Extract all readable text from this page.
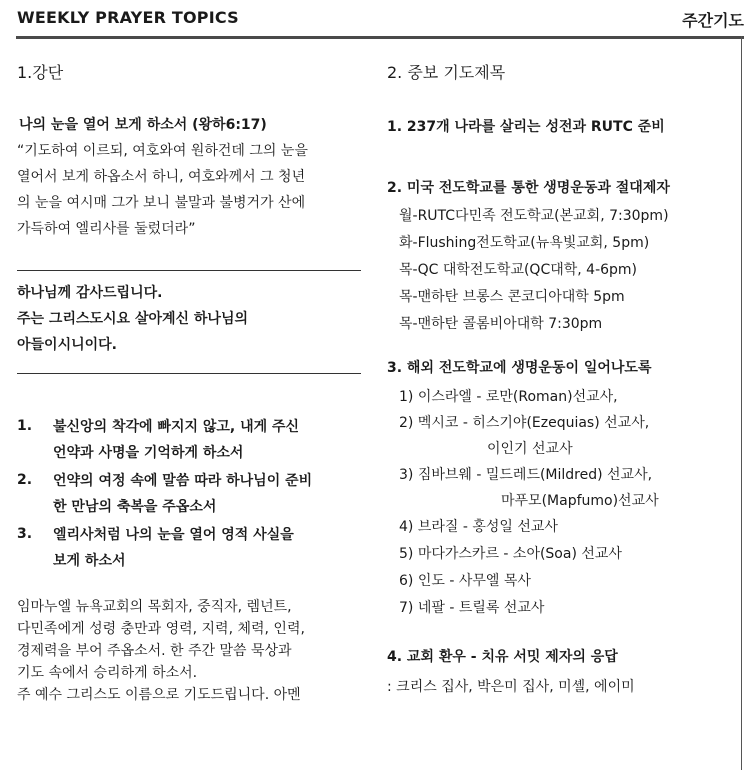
WEEKLY PRAYER TOPICS	주간기도
1.강단
나의 눈을 열어 보게 하소서 (왕하6:17)
“기도하여 이르되, 여호와여 원하건데 그의 눈을
열어서 보게 하옵소서 하니, 여호와께서 그 청년
의 눈을 여시매 그가 보니 불말과 불병거가 산에
가득하여 엘리사를 둘렀더라”
하나님께 감사드립니다.
주는 그리스도시요 살아계신 하나님의
아들이시니이다.
1. 불신앙의 착각에 빠지지 않고, 내게 주신
언약과 사명을 기억하게 하소서
2. 언약의 여정 속에 말씀 따라 하나님이 준비
한 만남의 축복을 주옵소서
3. 엘리사처럼 나의 눈을 열어 영적 사실을
보게 하소서
임마누엘 뉴욕교회의 목회자, 중직자, 렘넌트,
다민족에게 성령 충만과 영력, 지력, 체력, 인력,
경제력을 부어 주옵소서. 한 주간 말씀 묵상과
기도 속에서 승리하게 하소서.
주 예수 그리스도 이름으로 기도드립니다. 아멘
2. 중보 기도제목
1. 237개 나라를 살리는 성전과 RUTC 준비
2. 미국 전도학교를 통한 생명운동과 절대제자
월-RUTC다민족 전도학교(본교회, 7:30pm)
화-Flushing전도학교(뉴욕빛교회, 5pm)
목-QC 대학전도학교(QC대학, 4-6pm)
목-맨하탄 브롱스 콘코디아대학 5pm
목-맨하탄 콜롬비아대학 7:30pm
3. 해외 전도학교에 생명운동이 일어나도록
1) 이스라엘 - 로만(Roman)선교사,
2) 멕시코 - 히스기야(Ezequias) 선교사,
이인기 선교사
3) 짐바브웨 - 밀드레드(Mildred) 선교사,
마푸모(Mapfumo)선교사
4) 브라질 - 홍성일 선교사
5) 마다가스카르 - 소아(Soa) 선교사
6) 인도 - 사무엘 목사
7) 네팔 - 트릴록 선교사
4. 교회 환우 - 치유 서밋 제자의 응답
: 크리스 집사, 박은미 집사, 미셸, 에이미
